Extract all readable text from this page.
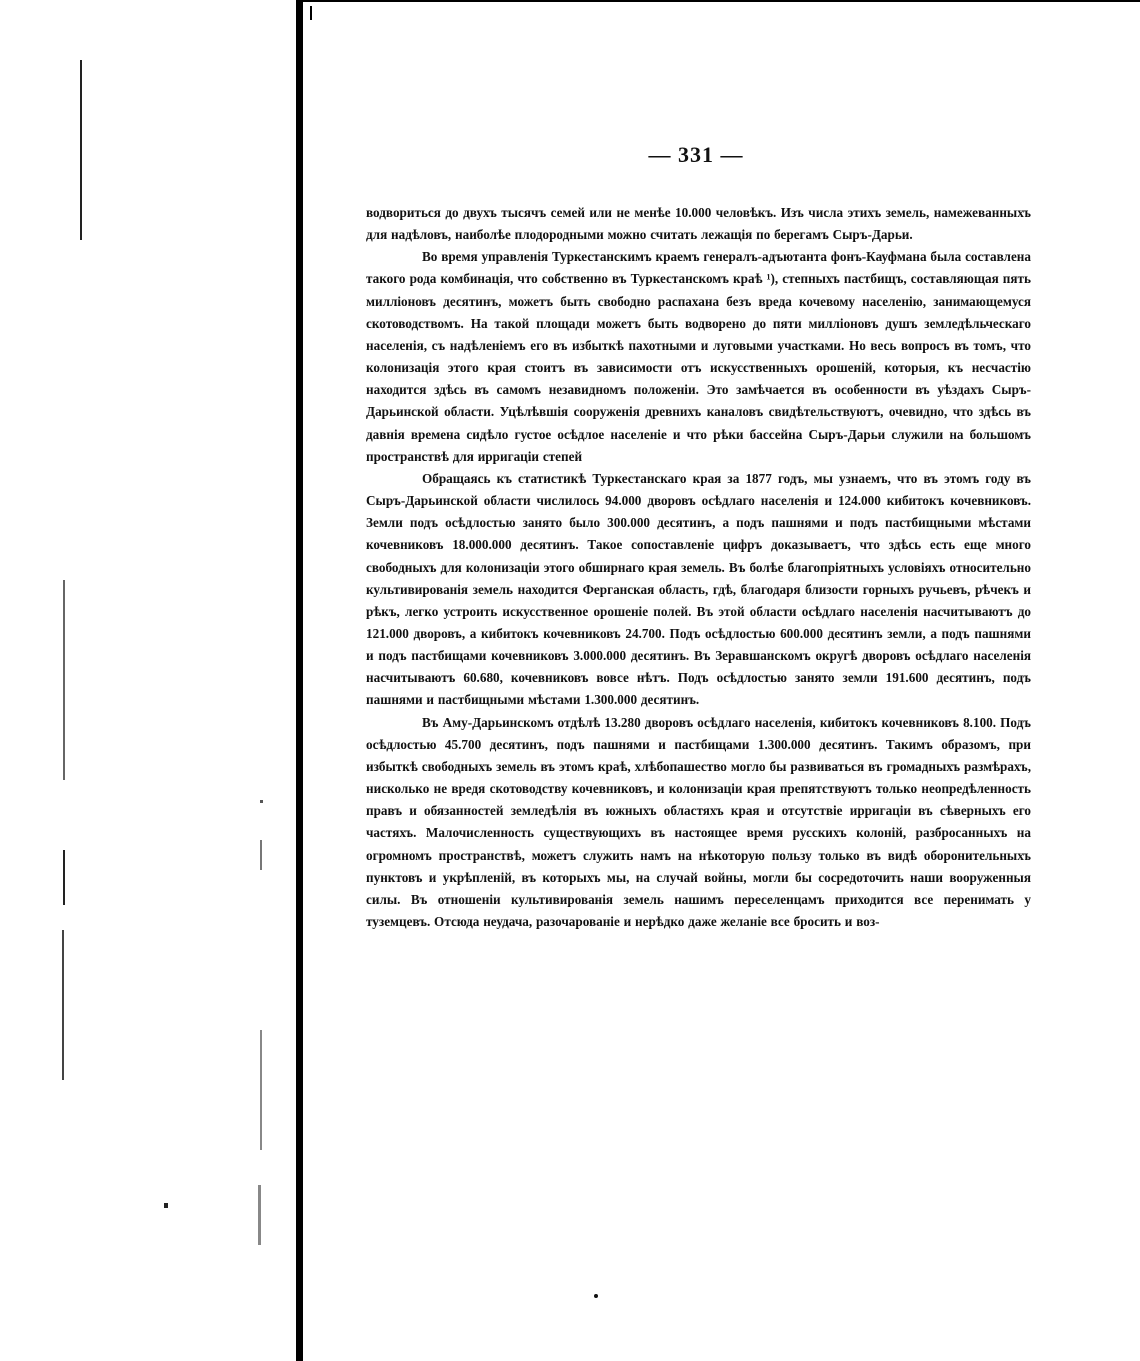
— 331 —

водвориться до двухъ тысячъ семей или не менѣе 10.000 человѣкъ. Изъ числа этихъ земель, намежеванныхъ для надѣловъ, наиболѣе плодородными можно считать лежащія по берегамъ Сыръ-Дарьи.

Во время управленія Туркестанскимъ краемъ генералъ-адъютанта фонъ-Кауфмана была составлена такого рода комбинація, что собственно въ Туркестанскомъ краѣ ¹), степныхъ пастбищъ, составляющая пять милліоновъ десятинъ, можетъ быть свободно распахана безъ вреда кочевому населенію, занимающемуся скотоводствомъ. На такой площади можетъ быть водворено до пяти милліоновъ душъ земледѣльческаго населенія, съ надѣленіемъ его въ избыткѣ пахотными и луговыми участками. Но весь вопросъ въ томъ, что колонизація этого края стоитъ въ зависимости отъ искусственныхъ орошеній, которыя, къ несчастію находится здѣсь въ самомъ незавидномъ положеніи. Это замѣчается въ особенности въ уѣздахъ Сыръ-Дарьинской области. Уцѣлѣвшія сооруженія древнихъ каналовъ свидѣтельствуютъ, очевидно, что здѣсь въ давнія времена сидѣло густое осѣдлое населеніе и что рѣки бассейна Сыръ-Дарьи служили на большомъ пространствѣ для ирригаціи степей

Обращаясь къ статистикѣ Туркестанскаго края за 1877 годъ, мы узнаемъ, что въ этомъ году въ Сыръ-Дарьинской области числилось 94.000 дворовъ осѣдлаго населенія и 124.000 кибитокъ кочевниковъ. Земли подъ осѣдлостью занято было 300.000 десятинъ, а подъ пашнями и подъ пастбищными мѣстами кочевниковъ 18.000.000 десятинъ. Такое сопоставленіе цифръ доказываетъ, что здѣсь есть еще много свободныхъ для колонизаціи этого обширнаго края земель. Въ болѣе благопріятныхъ условіяхъ относительно культивированія земель находится Ферганская область, гдѣ, благодаря близости горныхъ ручьевъ, рѣчекъ и рѣкъ, легко устроить искусственное орошеніе полей. Въ этой области осѣдлаго населенія насчитываютъ до 121.000 дворовъ, а кибитокъ кочевниковъ 24.700. Подъ осѣдлостью 600.000 десятинъ земли, а подъ пашнями и подъ пастбищами кочевниковъ 3.000.000 десятинъ. Въ Зеравшанскомъ округѣ дворовъ осѣдлаго населенія насчитываютъ 60.680, кочевниковъ вовсе нѣтъ. Подъ осѣдлостью занято земли 191.600 десятинъ, подъ пашнями и пастбищными мѣстами 1.300.000 десятинъ.

Въ Аму-Дарьинскомъ отдѣлѣ 13.280 дворовъ осѣдлаго населенія, кибитокъ кочевниковъ 8.100. Подъ осѣдлостью 45.700 десятинъ, подъ пашнями и пастбищами 1.300.000 десятинъ. Такимъ образомъ, при избыткѣ свободныхъ земель въ этомъ краѣ, хлѣбопашество могло бы развиваться въ громадныхъ размѣрахъ, нисколько не вредя скотоводству кочевниковъ, и колонизаціи края препятствуютъ только неопредѣленность правъ и обязанностей земледѣлія въ южныхъ областяхъ края и отсутствіе ирригаціи въ сѣверныхъ его частяхъ. Малочисленность существующихъ въ настоящее время русскихъ колоній, разбросанныхъ на огромномъ пространствѣ, можетъ служить намъ на нѣкоторую пользу только въ видѣ оборонительныхъ пунктовъ и укрѣпленій, въ которыхъ мы, на случай войны, могли бы сосредоточить наши вооруженныя силы. Въ отношеніи культивированія земель нашимъ переселенцамъ приходится все перенимать у туземцевъ. Отсюда неудача, разочарованіе и нерѣдко даже желаніе все бросить и воз-
